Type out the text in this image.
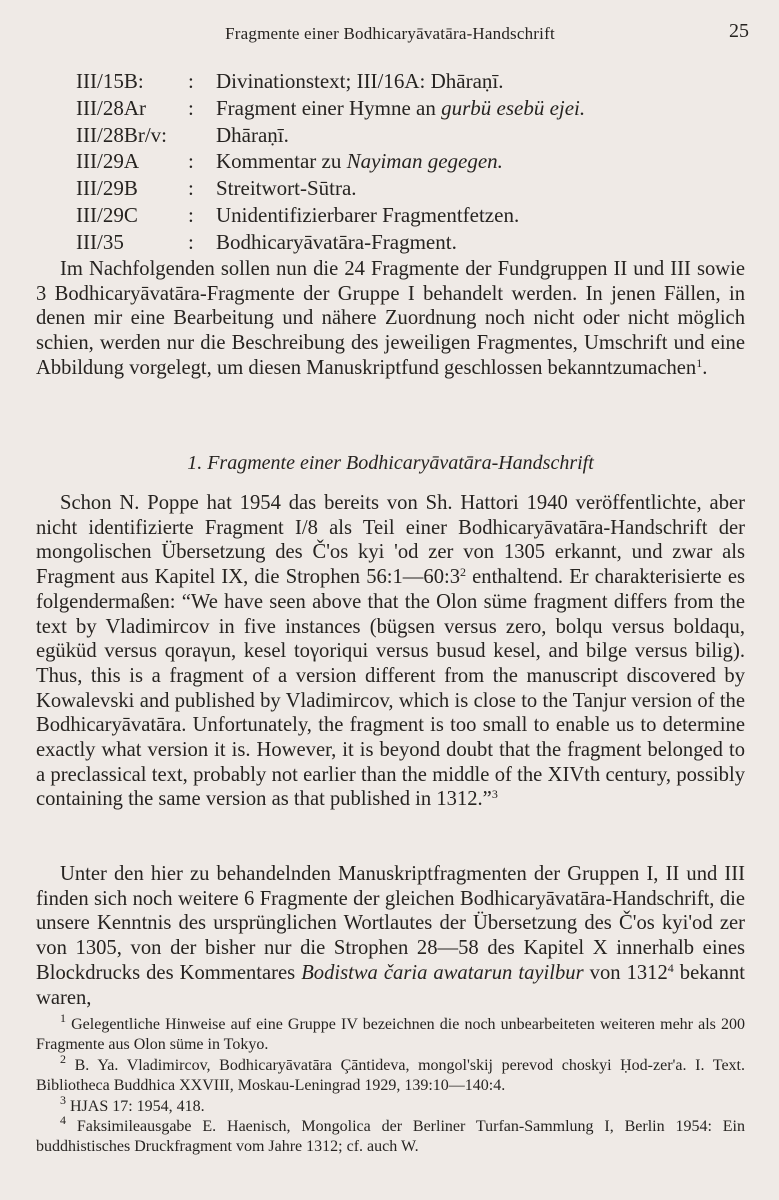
Fragmente einer Bodhicaryāvatāra-Handschrift	25
III/15B:	:	Divinationstext; III/16A: Dhāraṇī.
III/28Ar	:	Fragment einer Hymne an gurbü esebü ejei.
III/28Br/v:	Dhāraṇī.
III/29A	:	Kommentar zu Nayiman gegegen.
III/29B	:	Streitwort-Sūtra.
III/29C	:	Unidentifizierbarer Fragmentfetzen.
III/35	:	Bodhicaryāvatāra-Fragment.

Im Nachfolgenden sollen nun die 24 Fragmente der Fundgruppen II und III sowie 3 Bodhicaryāvatāra-Fragmente der Gruppe I behandelt werden. In jenen Fällen, in denen mir eine Bearbeitung und nähere Zuordnung noch nicht oder nicht möglich schien, werden nur die Beschreibung des jeweiligen Fragmentes, Umschrift und eine Abbildung vorgelegt, um diesen Manuskriptfund geschlossen bekanntzumachen$^1$.

1. Fragmente einer Bodhicaryāvatāra-Handschrift

Schon N. Poppe hat 1954 das bereits von Sh. Hattori 1940 veröffentlichte, aber nicht identifizierte Fragment I/8 als Teil einer Bodhicaryāvatāra-Handschrift der mongolischen Übersetzung des Č'os kyi 'od zer von 1305 erkannt, und zwar als Fragment aus Kapitel IX, die Strophen $56:1—60:3^2$ enthaltend. Er charakterisierte es folgendermaßen: “We have seen above that the Olon süme fragment differs from the text by Vladimircov in five instances (bügsen versus zero, bolqu versus boldaqu, egüküd versus qoraγun, kesel toγoriqui versus busud kesel, and bilge versus bilig). Thus, this is a fragment of a version different from the manuscript discovered by Kowalevski and published by Vladimircov, which is close to the Tanjur version of the Bodhicaryāvatāra. Unfortunately, the fragment is too small to enable us to determine exactly what version it is. However, it is beyond doubt that the fragment belonged to a preclassical text, probably not earlier than the middle of the XIVth century, possibly containing the same version as that published in 1312.”$^3$

Unter den hier zu behandelnden Manuskriptfragmenten der Gruppen I, II und III finden sich noch weitere 6 Fragmente der gleichen Bodhicaryāvatāra-Handschrift, die unsere Kenntnis des ursprünglichen Wortlautes der Übersetzung des Č'os kyi'od zer von 1305, von der bisher nur die Strophen 28—58 des Kapitel X innerhalb eines Blockdrucks des Kommentares Bodistwa čaria awatarun tayilbur von 1312$^4$ bekannt waren,

$^1$ Gelegentliche Hinweise auf eine Gruppe IV bezeichnen die noch unbearbeiteten weiteren mehr als 200 Fragmente aus Olon süme in Tokyo.

$^2$ B. Ya. Vladimircov, Bodhicaryāvatāra Çāntideva, mongol'skij perevod choskyi Ḥod-zer'a. I. Text. Bibliotheca Buddhica XXVIII, Moskau-Leningrad 1929, 139:10—140:4.

$^3$ HJAS 17: 1954, 418.

$^4$ Faksimileausgabe E. Haenisch, Mongolica der Berliner Turfan-Sammlung I, Berlin 1954: Ein buddhistisches Druckfragment vom Jahre 1312; cf. auch W.
